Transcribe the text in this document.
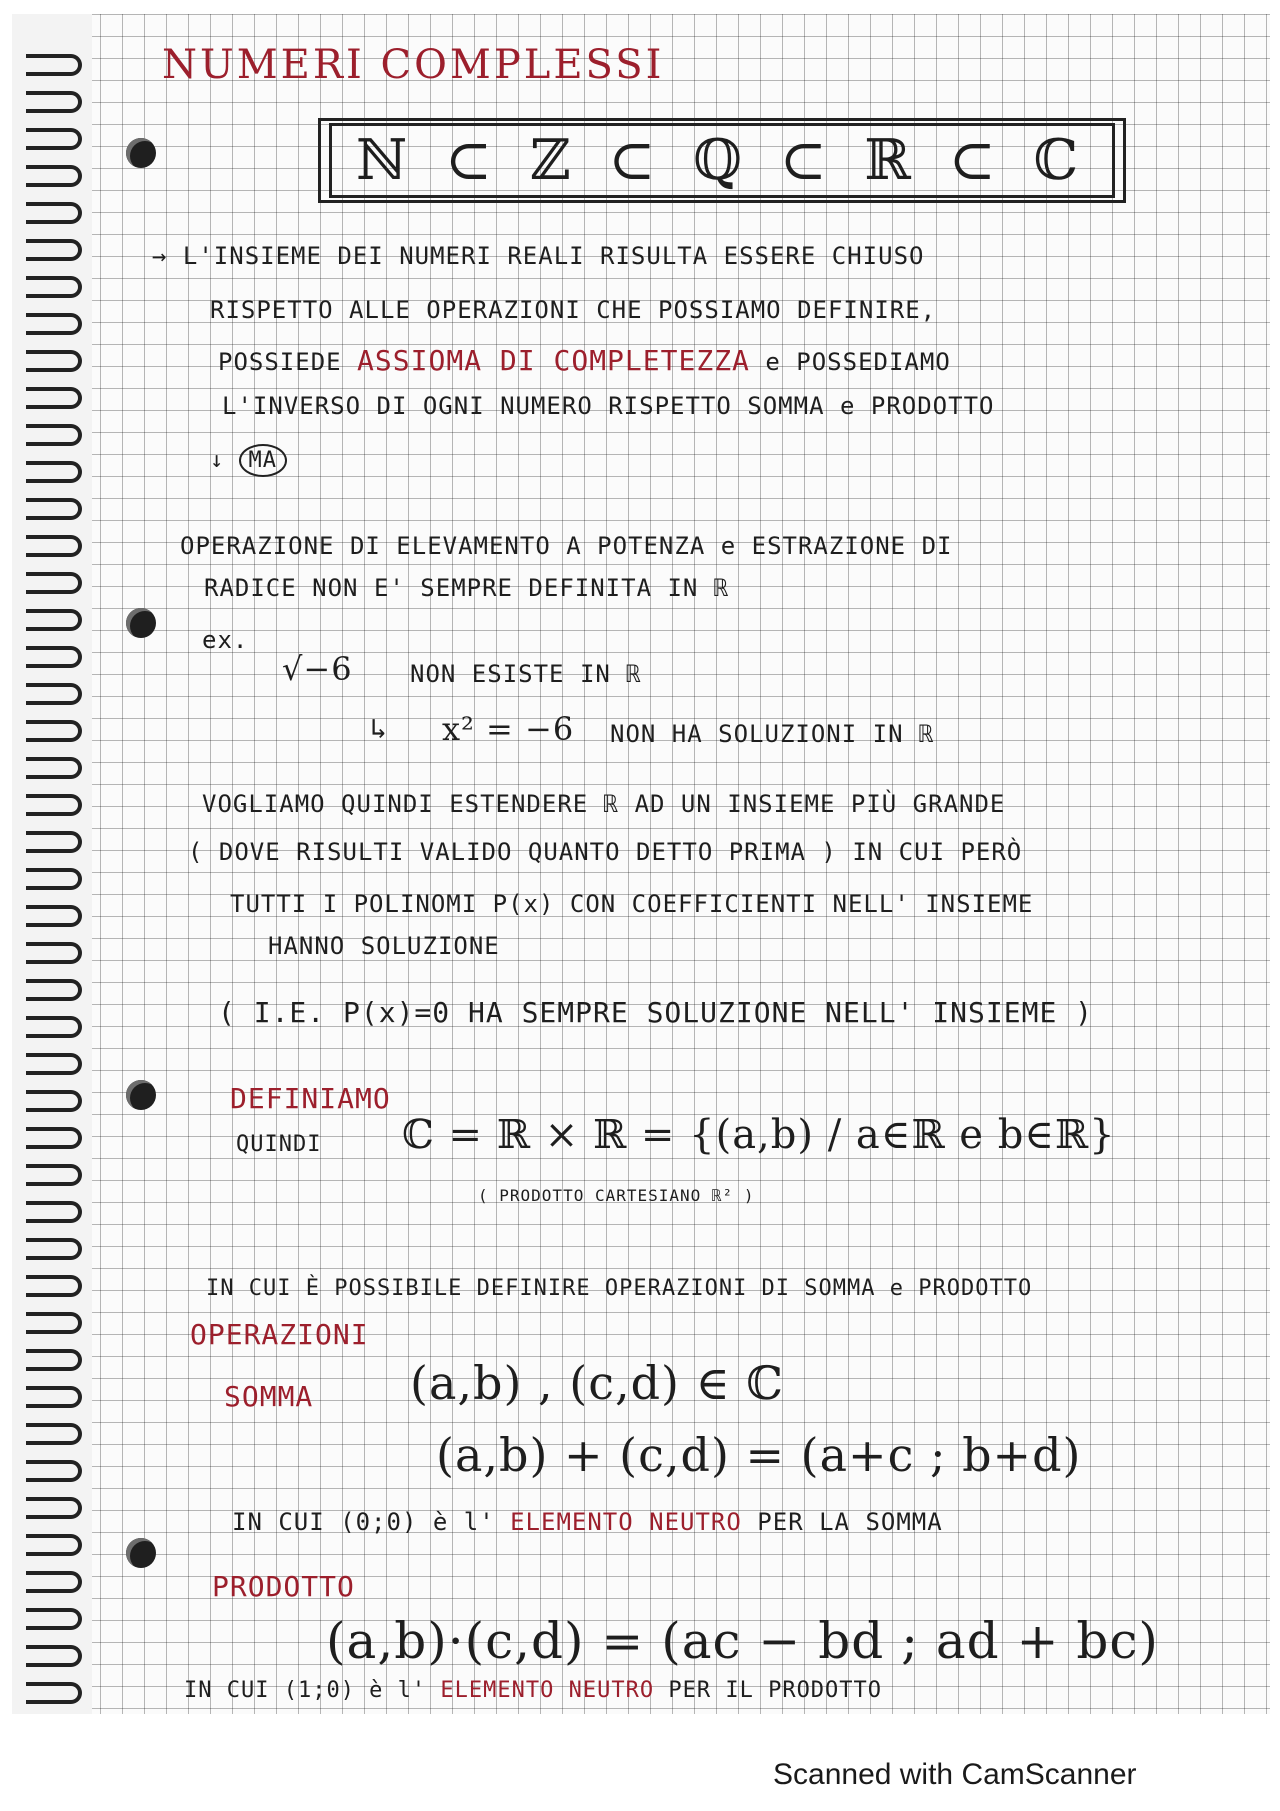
NUMERI COMPLESSI
ℕ ⊂ ℤ ⊂ ℚ ⊂ ℝ ⊂ ℂ
→ L'INSIEME DEI NUMERI REALI RISULTA ESSERE CHIUSO
RISPETTO ALLE OPERAZIONI CHE POSSIAMO DEFINIRE,
POSSIEDE ASSIOMA DI COMPLETEZZA e POSSEDIAMO
L'INVERSO DI OGNI NUMERO RISPETTO SOMMA e PRODOTTO
↓ MA
OPERAZIONE DI ELEVAMENTO A POTENZA e ESTRAZIONE DI
RADICE NON E' SEMPRE DEFINITA IN ℝ
ex.
√−6 NON ESISTE IN ℝ
↳ x² = −6 NON HA SOLUZIONI IN ℝ
VOGLIAMO QUINDI ESTENDERE ℝ AD UN INSIEME PIÙ GRANDE
( DOVE RISULTI VALIDO QUANTO DETTO PRIMA ) IN CUI PERÒ
TUTTI I POLINOMI P(x) CON COEFFICIENTI NELL' INSIEME
HANNO SOLUZIONE
( I.E. P(x)=0 HA SEMPRE SOLUZIONE NELL' INSIEME )
DEFINIAMO
QUINDI ℂ = ℝ × ℝ = {(a,b) / a∈ℝ e b∈ℝ}
( PRODOTTO CARTESIANO ℝ² )
IN CUI È POSSIBILE DEFINIRE OPERAZIONI DI SOMMA e PRODOTTO
OPERAZIONI
SOMMA (a,b) , (c,d) ∈ ℂ
(a,b) + (c,d) = (a+c ; b+d)
IN CUI (0;0) è l' ELEMENTO NEUTRO PER LA SOMMA
PRODOTTO
(a,b)·(c,d) = (ac − bd ; ad + bc)
IN CUI (1;0) è l' ELEMENTO NEUTRO PER IL PRODOTTO
Scanned with CamScanner
